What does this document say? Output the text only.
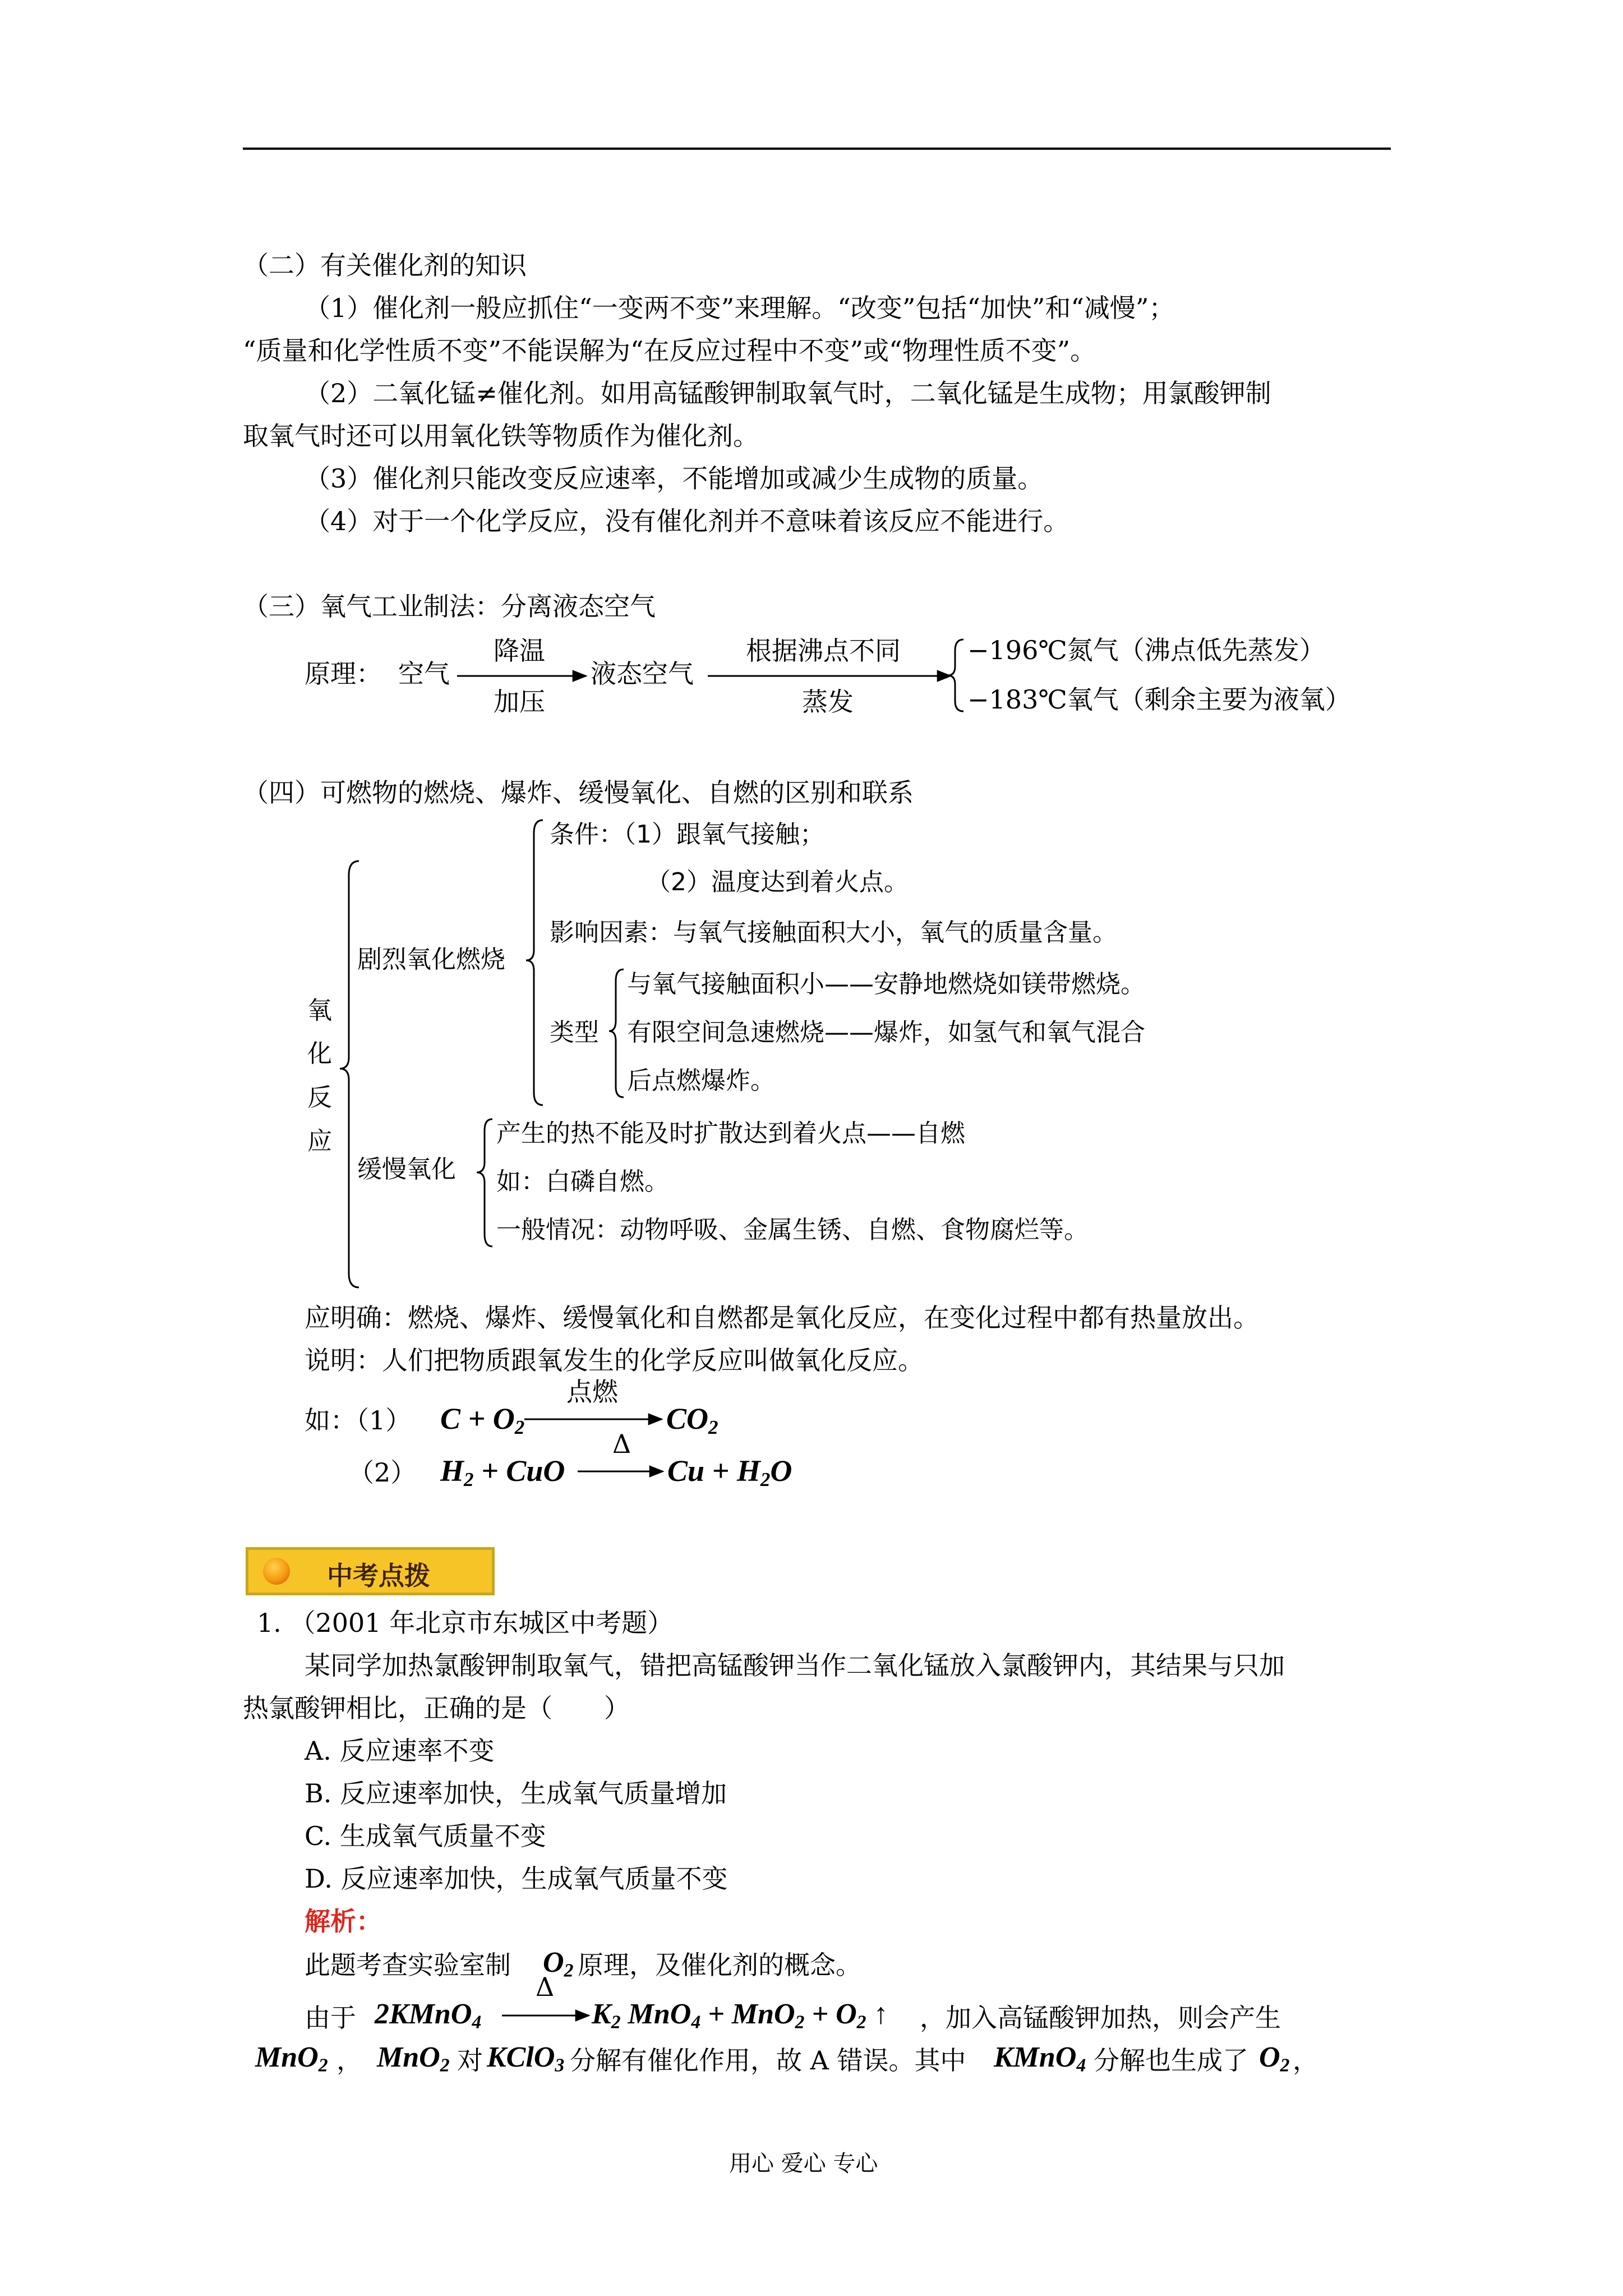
（二）有关催化剂的知识
（1）催化剂一般应抓住“一变两不变”来理解。“改变”包括“加快”和“减慢”；
“质量和化学性质不变”不能误解为“在反应过程中不变”或“物理性质不变”。
（2）二氧化锰≠催化剂。如用高锰酸钾制取氧气时，二氧化锰是生成物；用氯酸钾制
取氧气时还可以用氧化铁等物质作为催化剂。
（3）催化剂只能改变反应速率，不能增加或减少生成物的质量。
（4）对于一个化学反应，没有催化剂并不意味着该反应不能进行。
（三）氧气工业制法：分离液态空气
原理： 空气
降温
加压
液态空气
根据沸点不同
蒸发
−196℃氮气（沸点低先蒸发）
−183℃氧气（剩余主要为液氧）
（四）可燃物的燃烧、爆炸、缓慢氧化、自燃的区别和联系
氧
化
反
应
剧烈氧化燃烧
条件：（1）跟氧气接触；
（2）温度达到着火点。
影响因素：与氧气接触面积大小，氧气的质量含量。
类型
与氧气接触面积小——安静地燃烧如镁带燃烧。
有限空间急速燃烧——爆炸，如氢气和氧气混合
后点燃爆炸。
缓慢氧化
产生的热不能及时扩散达到着火点——自燃
如：白磷自燃。
一般情况：动物呼吸、金属生锈、自燃、食物腐烂等。
应明确：燃烧、爆炸、缓慢氧化和自燃都是氧化反应，在变化过程中都有热量放出。
说明：人们把物质跟氧发生的化学反应叫做氧化反应。
如：（1） $C + O_2$
点燃
$CO_2$
（2） $H_2$ + CuO
Δ
$Cu + H_2O$
中考点拨
1. （2001 年北京市东城区中考题）
某同学加热氯酸钾制取氧气，错把高锰酸钾当作二氧化锰放入氯酸钾内，其结果与只加
热氯酸钾相比，正确的是（　　）
A. 反应速率不变
B. 反应速率加快，生成氧气质量增加
C. 生成氧气质量不变
D. 反应速率加快，生成氧气质量不变
解析：
此题考查实验室制 $O_2$ 原理，及催化剂的概念。
由于 2KMnO$_4$
Δ
$K_2$ $MnO_4 + MnO_2 + O_2$ ↑ ，加入高锰酸钾加热，则会产生
MnO$_2$ ， MnO$_2$ 对 KClO$_3$ 分解有催化作用，故 A 错误。其中 KMnO$_4$ 分解也生成了 $O_2$ ，
用心 爱心 专心
